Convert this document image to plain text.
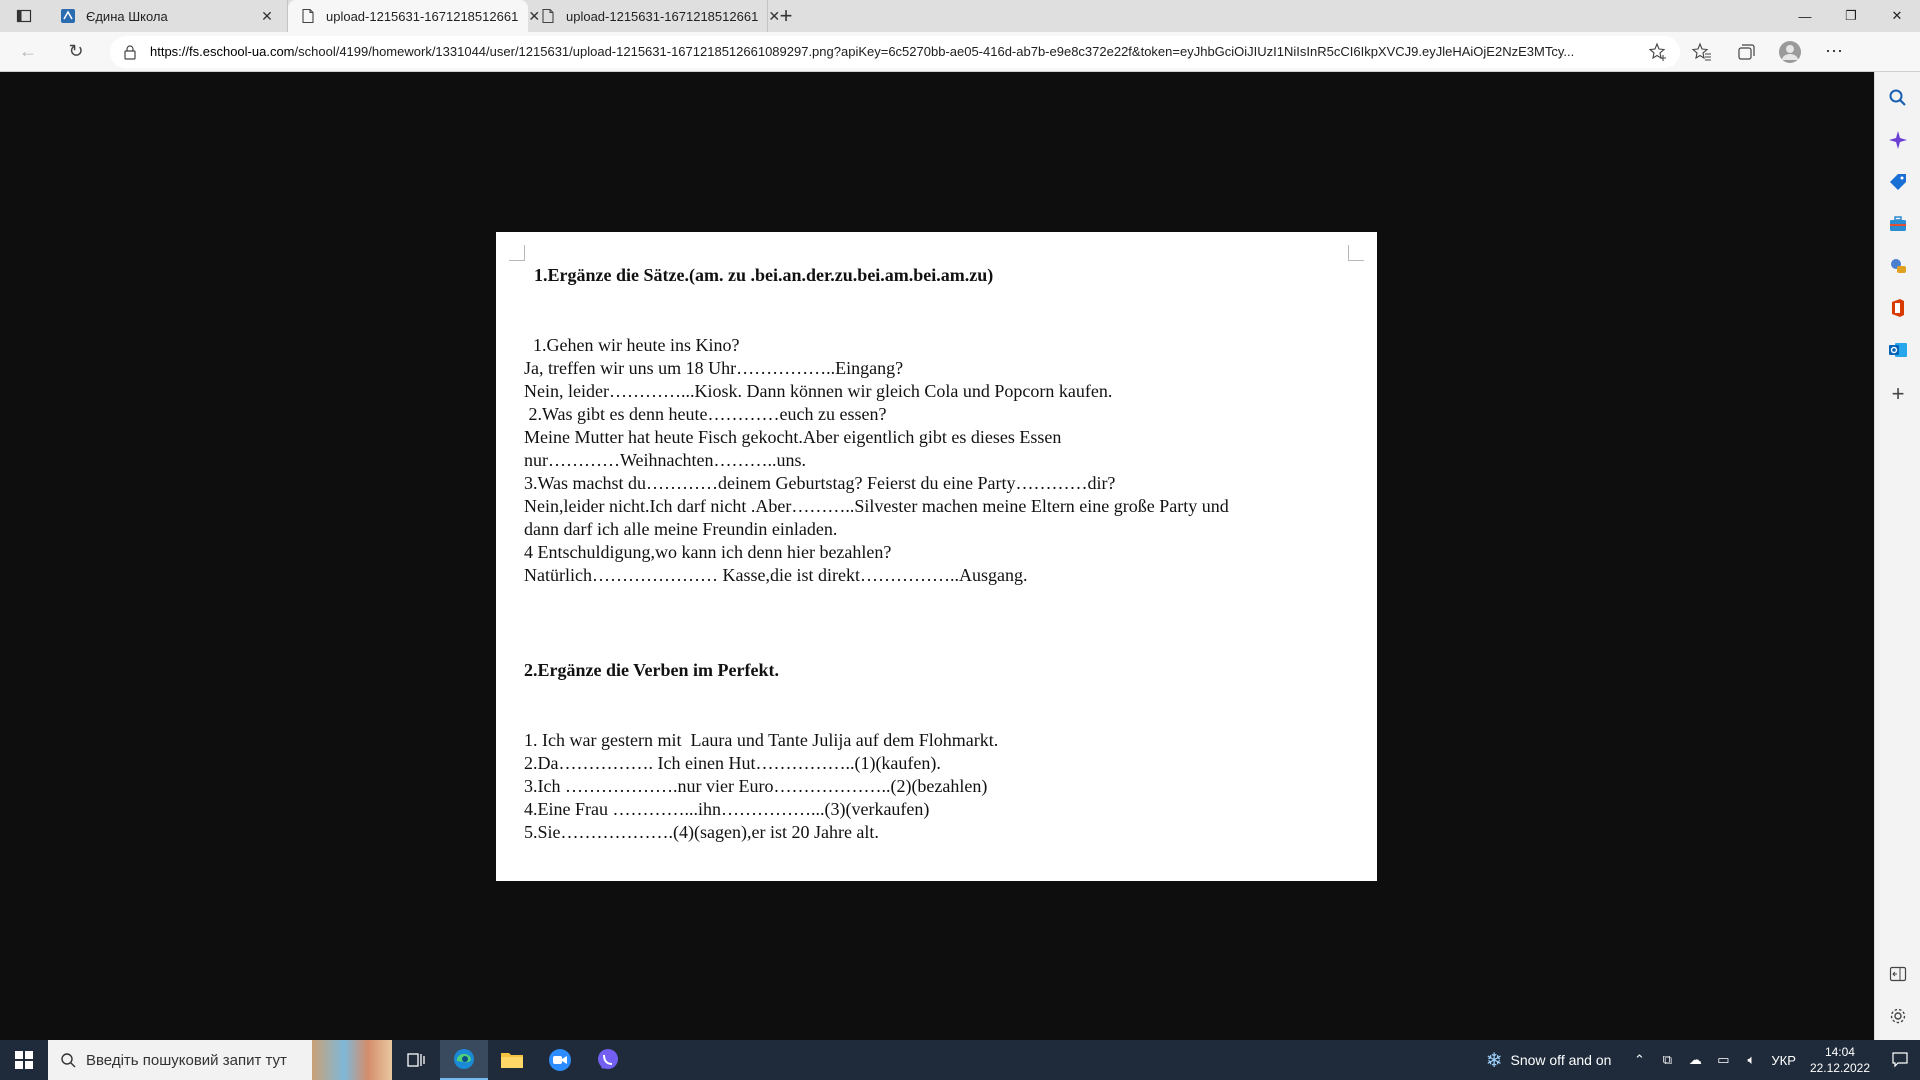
Єдина Школа	✕	upload-1215631-1671218512661 ✕ upload-1215631-1671218512661 ✕ +	—	❐	✕
← ↻	https://fs.eschool-ua.com/school/4199/homework/1331044/user/1215631/upload-1215631-1671218512661089297.png?apiKey=6c5270bb-ae05-416d-ab7b-e9e8c372e22f&token=eyJhbGciOiJIUzI1NiIsInR5cCI6IkpXVCJ9.eyJleHAiOjE2NzE3MTcy...	⋯
1.Ergänze die Sätze.(am. zu .bei.an.der.zu.bei.am.bei.am.zu)
1.Gehen wir heute ins Kino?
Ja, treffen wir uns um 18 Uhr……………..Eingang?
Nein, leider…………...Kiosk. Dann können wir gleich Cola und Popcorn kaufen.
2.Was gibt es denn heute…………euch zu essen?
Meine Mutter hat heute Fisch gekocht.Aber eigentlich gibt es dieses Essen
nur…………Weihnachten………..uns.
3.Was machst du…………deinem Geburtstag? Feierst du eine Party…………dir?
Nein,leider nicht.Ich darf nicht .Aber………..Silvester machen meine Eltern eine große Party und
dann darf ich alle meine Freundin einladen.
4 Entschuldigung,wo kann ich denn hier bezahlen?
Natürlich………………… Kasse,die ist direkt……………..Ausgang.
2.Ergänze die Verben im Perfekt.
1. Ich war gestern mit  Laura und Tante Julija auf dem Flohmarkt.
2.Da……………. Ich einen Hut……………..(1)(kaufen).
3.Ich ……………….nur vier Euro………………..(2)(bezahlen)
4.Eine Frau …………...ihn……………...(3)(verkaufen)
5.Sie……………….(4)(sagen),er ist 20 Jahre alt.
+
Введіть пошуковий запит тут	❄ Snow off and on	⌃	⧉	☁	▭	🔈︎	УКР
14:04
22.12.2022
